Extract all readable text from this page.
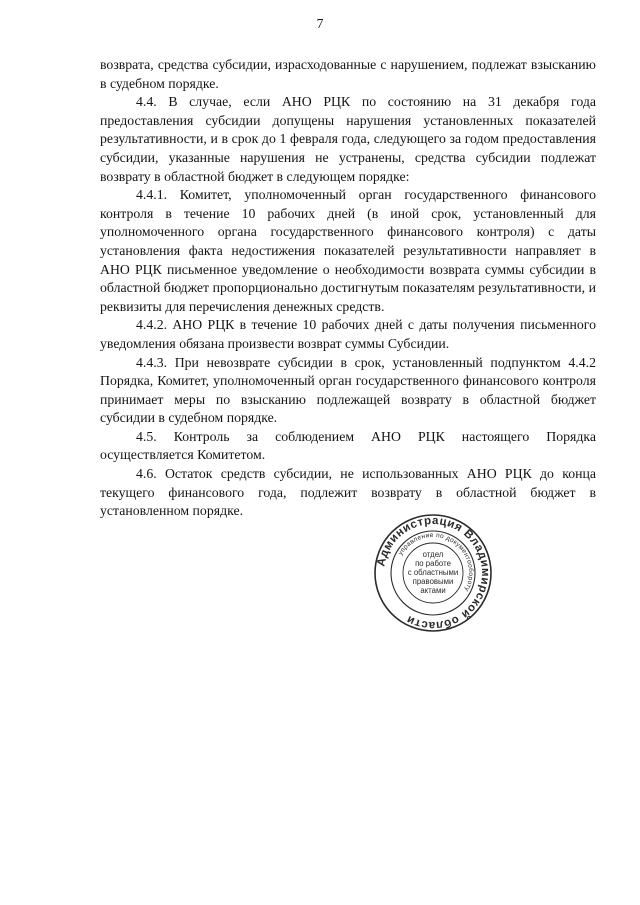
7

возврата, средства субсидии, израсходованные с нарушением, подлежат взысканию в судебном порядке.

4.4. В случае, если АНО РЦК по состоянию на 31 декабря года предоставления субсидии допущены нарушения установленных показателей результативности, и в срок до 1 февраля года, следующего за годом предоставления субсидии, указанные нарушения не устранены, средства субсидии подлежат возврату в областной бюджет в следующем порядке:

4.4.1. Комитет, уполномоченный орган государственного финансового контроля в течение 10 рабочих дней (в иной срок, установленный для уполномоченного органа государственного финансового контроля) с даты установления факта недостижения показателей результативности направляет в АНО РЦК письменное уведомление о необходимости возврата суммы субсидии в областной бюджет пропорционально достигнутым показателям результативности, и реквизиты для перечисления денежных средств.

4.4.2. АНО РЦК в течение 10 рабочих дней с даты получения письменного уведомления обязана произвести возврат суммы Субсидии.

4.4.3. При невозврате субсидии в срок, установленный подпунктом 4.4.2 Порядка, Комитет, уполномоченный орган государственного финансового контроля принимает меры по взысканию подлежащей возврату в областной бюджет субсидии в судебном порядке.

4.5. Контроль за соблюдением АНО РЦК настоящего Порядка осуществляется Комитетом.

4.6. Остаток средств субсидии, не использованных АНО РЦК до конца текущего финансового года, подлежит возврату в областной бюджет в установленном порядке.

Администрация Владимирской области
управление по документообороту
отдел
по работе
с областными
правовыми
актами
